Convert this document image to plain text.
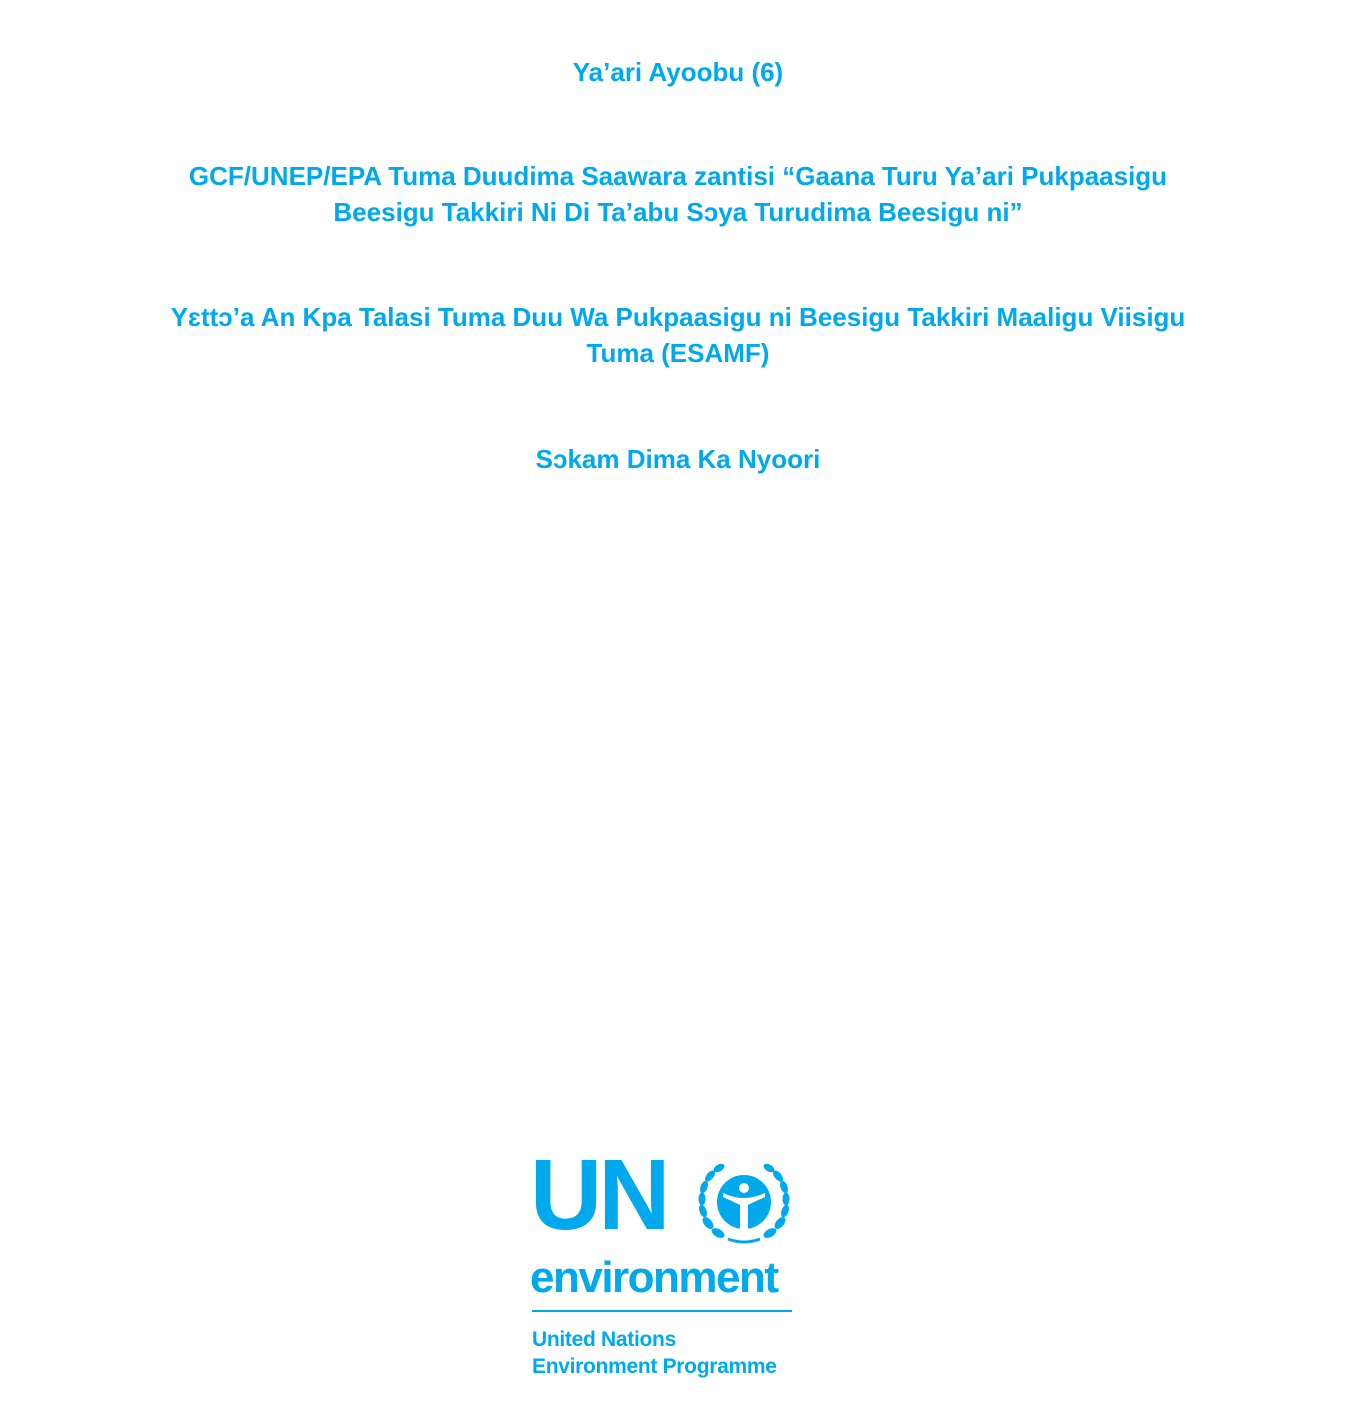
Ya’ari Ayoobu (6)
GCF/UNEP/EPA Tuma Duudima Saawara zantisi “Gaana Turu Ya’ari Pukpaasigu Beesigu Takkiri Ni Di Ta’abu Sɔya Turudima Beesigu ni”
Yɛttɔ’a An Kpa Talasi Tuma Duu Wa Pukpaasigu ni Beesigu Takkiri Maaligu Viisigu Tuma (ESAMF)
Sɔkam Dima Ka Nyoori
UN
environment
United Nations
Environment Programme
